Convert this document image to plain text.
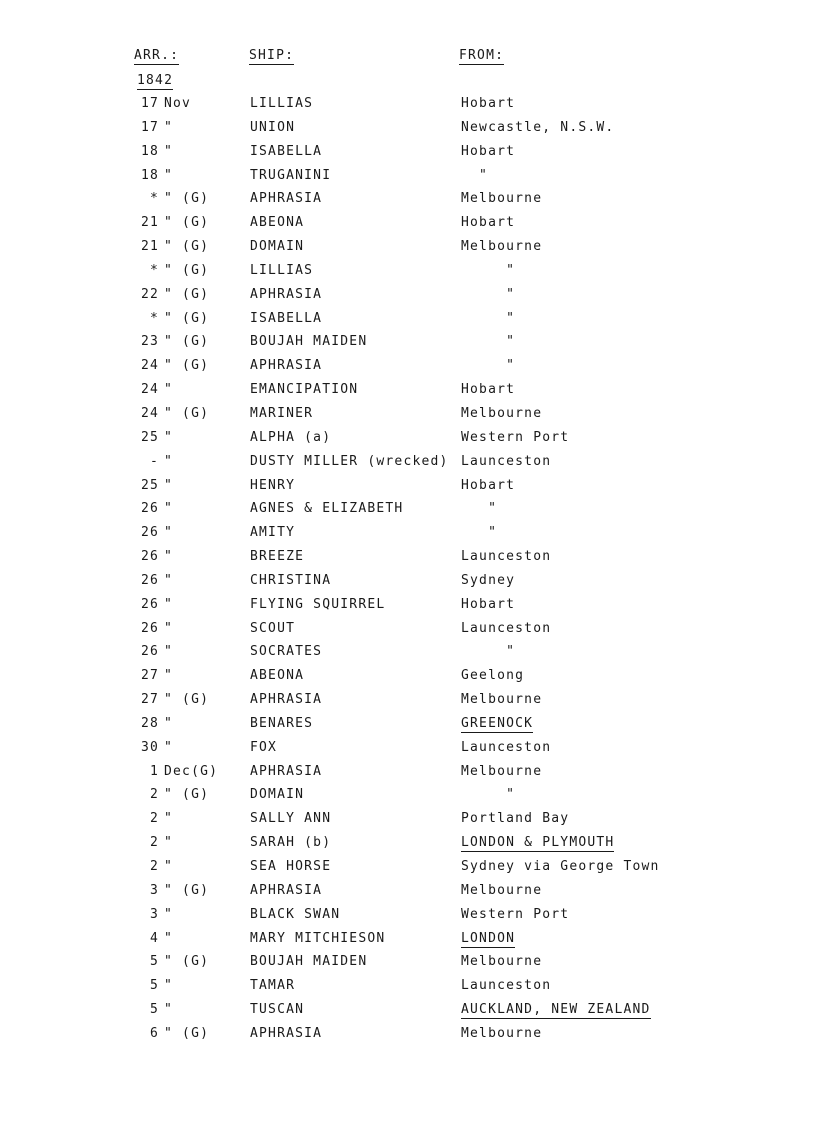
ARR.:	SHIP:	FROM:
1842
17 Nov	LILLIAS	Hobart
17 "	UNION	Newcastle, N.S.W.
18 "	ISABELLA	Hobart
18 "	TRUGANINI	"
* " (G)	APHRASIA	Melbourne
21 " (G)	ABEONA	Hobart
21 " (G)	DOMAIN	Melbourne
* " (G)	LILLIAS	"
22 " (G)	APHRASIA	"
* " (G)	ISABELLA	"
23 " (G)	BOUJAH MAIDEN	"
24 " (G)	APHRASIA	"
24 "	EMANCIPATION	Hobart
24 " (G)	MARINER	Melbourne
25 "	ALPHA (a)	Western Port
- "	DUSTY MILLER (wrecked) Launceston
25 "	HENRY	Hobart
26 "	AGNES & ELIZABETH	"
26 "	AMITY	"
26 "	BREEZE	Launceston
26 "	CHRISTINA	Sydney
26 "	FLYING SQUIRREL	Hobart
26 "	SCOUT	Launceston
26 "	SOCRATES	"
27 "	ABEONA	Geelong
27 " (G)	APHRASIA	Melbourne
28 "	BENARES	GREENOCK
30 "	FOX	Launceston
1 Dec(G) APHRASIA	Melbourne
2 " (G)	DOMAIN	"
2 "	SALLY ANN	Portland Bay
2 "	SARAH (b)	LONDON & PLYMOUTH
2 "	SEA HORSE	Sydney via George Town
3 " (G)	APHRASIA	Melbourne
3 "	BLACK SWAN	Western Port
4 "	MARY MITCHIESON	LONDON
5 " (G)	BOUJAH MAIDEN	Melbourne
5 "	TAMAR	Launceston
5 "	TUSCAN	AUCKLAND, NEW ZEALAND
6 " (G)	APHRASIA	Melbourne
